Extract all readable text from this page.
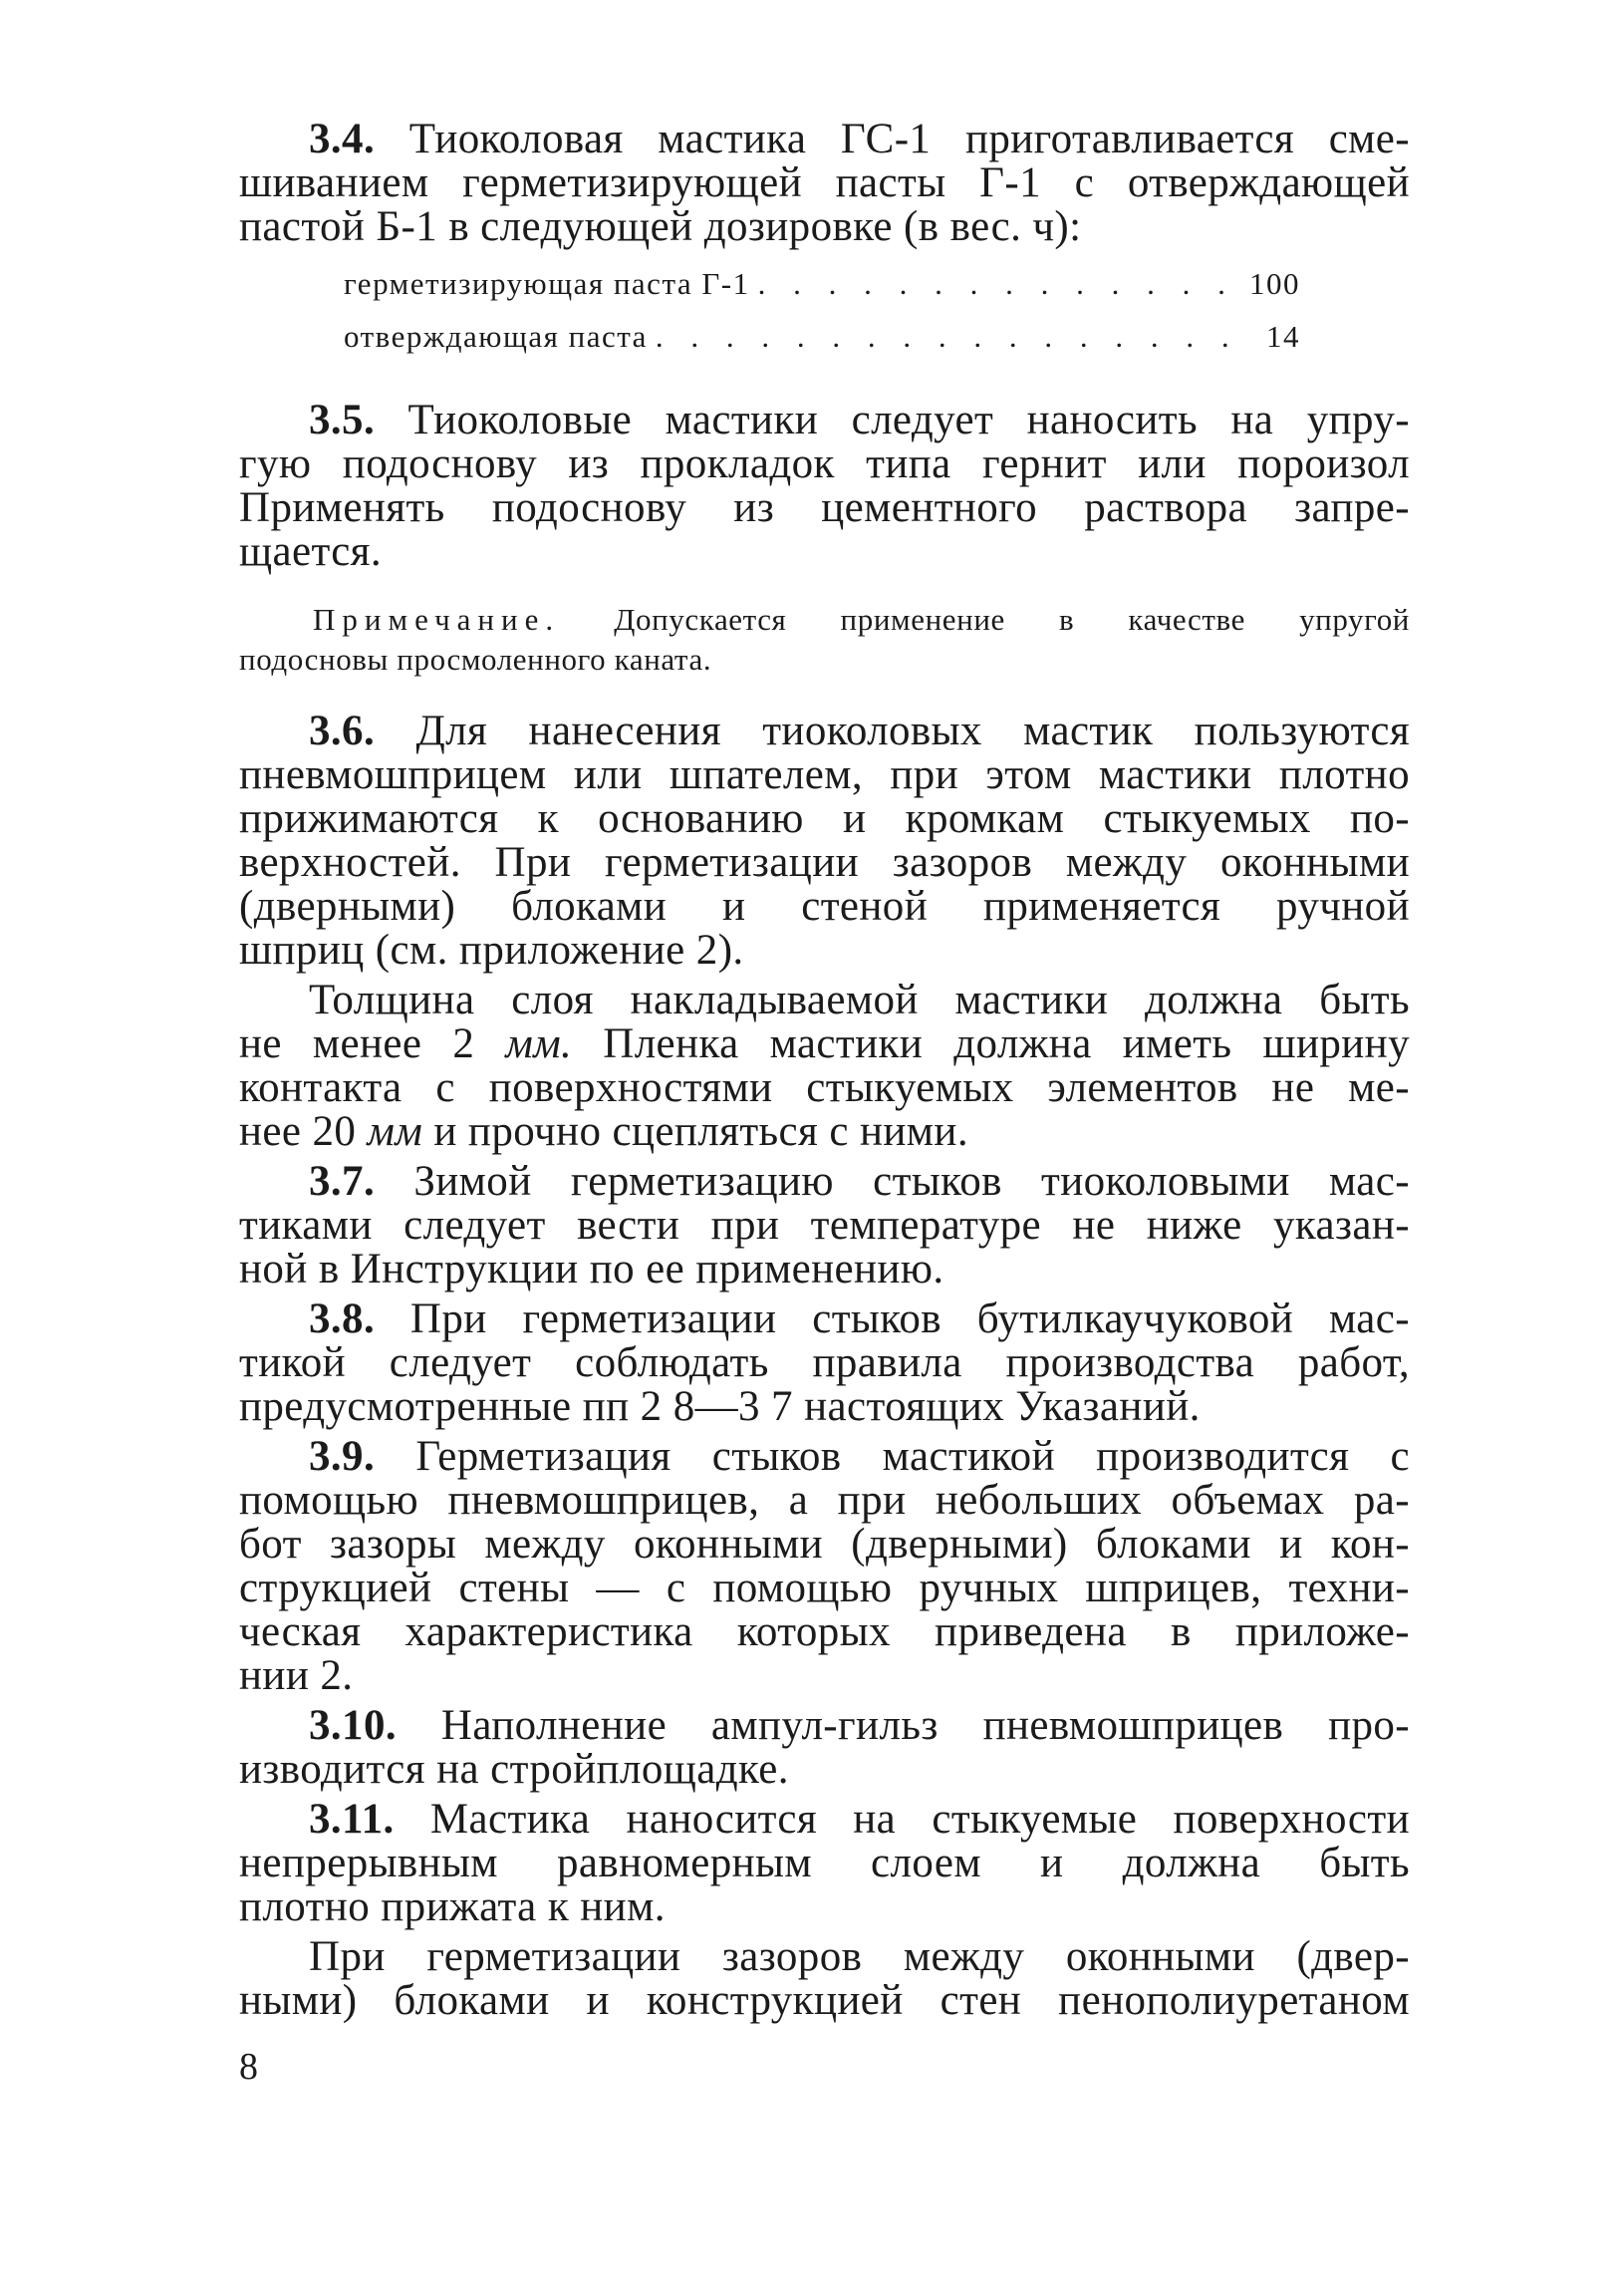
3.4. Тиоколовая мастика ГС-1 приготавливается сме-
шиванием герметизирующей пасты Г-1 с отверждающей
пастой Б-1 в следующей дозировке (в вес. ч):
герметизирующая паста Г-1 . . .	100
отверждающая паста . . .	14
3.5. Тиоколовые мастики следует наносить на упру-
гую подоснову из прокладок типа гернит или пороизол
Применять подоснову из цементного раствора запре-
щается.
Примечание. Допускается применение в качестве упругой
подосновы просмоленного каната.
3.6. Для нанесения тиоколовых мастик пользуются
пневмошприцем или шпателем, при этом мастики плотно
прижимаются к основанию и кромкам стыкуемых по-
верхностей. При герметизации зазоров между оконными
(дверными) блоками и стеной применяется ручной
шприц (см. приложение 2).
Толщина слоя накладываемой мастики должна быть
не менее 2 мм. Пленка мастики должна иметь ширину
контакта с поверхностями стыкуемых элементов не ме-
нее 20 мм и прочно сцепляться с ними.
3.7. Зимой герметизацию стыков тиоколовыми мас-
тиками следует вести при температуре не ниже указан-
ной в Инструкции по ее применению.
3.8. При герметизации стыков бутилкаучуковой мас-
тикой следует соблюдать правила производства работ,
предусмотренные пп 2 8—3 7 настоящих Указаний.
3.9. Герметизация стыков мастикой производится с
помощью пневмошприцев, а при небольших объемах ра-
бот зазоры между оконными (дверными) блоками и кон-
струкцией стены — с помощью ручных шприцев, техни-
ческая характеристика которых приведена в приложе-
нии 2.
3.10. Наполнение ампул-гильз пневмошприцев про-
изводится на стройплощадке.
3.11. Мастика наносится на стыкуемые поверхности
непрерывным равномерным слоем и должна быть
плотно прижата к ним.
При герметизации зазоров между оконными (двер-
ными) блоками и конструкцией стен пенополиуретаном
8
